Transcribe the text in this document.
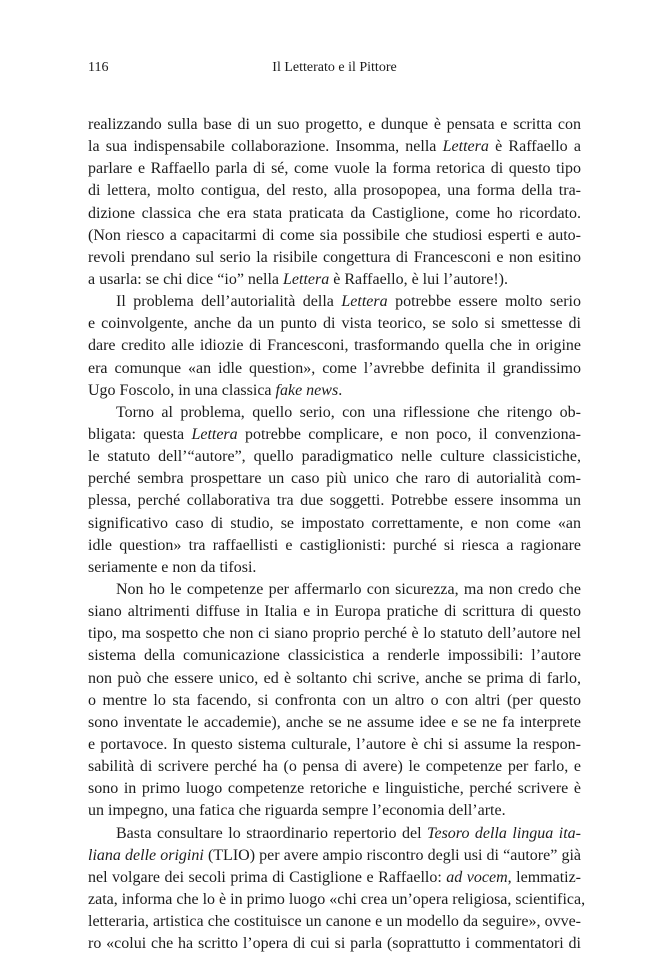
116	Il Letterato e il Pittore
realizzando sulla base di un suo progetto, e dunque è pensata e scritta con
la sua indispensabile collaborazione. Insomma, nella Lettera è Raffaello a
parlare e Raffaello parla di sé, come vuole la forma retorica di questo tipo
di lettera, molto contigua, del resto, alla prosopopea, una forma della tra-
dizione classica che era stata praticata da Castiglione, come ho ricordato.
(Non riesco a capacitarmi di come sia possibile che studiosi esperti e auto-
revoli prendano sul serio la risibile congettura di Francesconi e non esitino
a usarla: se chi dice “io” nella Lettera è Raffaello, è lui l’autore!).
Il problema dell’autorialità della Lettera potrebbe essere molto serio
e coinvolgente, anche da un punto di vista teorico, se solo si smettesse di
dare credito alle idiozie di Francesconi, trasformando quella che in origine
era comunque «an idle question», come l’avrebbe definita il grandissimo
Ugo Foscolo, in una classica fake news.
Torno al problema, quello serio, con una riflessione che ritengo ob-
bligata: questa Lettera potrebbe complicare, e non poco, il convenziona-
le statuto dell’“autore”, quello paradigmatico nelle culture classicistiche,
perché sembra prospettare un caso più unico che raro di autorialità com-
plessa, perché collaborativa tra due soggetti. Potrebbe essere insomma un
significativo caso di studio, se impostato correttamente, e non come «an
idle question» tra raffaellisti e castiglionisti: purché si riesca a ragionare
seriamente e non da tifosi.
Non ho le competenze per affermarlo con sicurezza, ma non credo che
siano altrimenti diffuse in Italia e in Europa pratiche di scrittura di questo
tipo, ma sospetto che non ci siano proprio perché è lo statuto dell’autore nel
sistema della comunicazione classicistica a renderle impossibili: l’autore
non può che essere unico, ed è soltanto chi scrive, anche se prima di farlo,
o mentre lo sta facendo, si confronta con un altro o con altri (per questo
sono inventate le accademie), anche se ne assume idee e se ne fa interprete
e portavoce. In questo sistema culturale, l’autore è chi si assume la respon-
sabilità di scrivere perché ha (o pensa di avere) le competenze per farlo, e
sono in primo luogo competenze retoriche e linguistiche, perché scrivere è
un impegno, una fatica che riguarda sempre l’economia dell’arte.
Basta consultare lo straordinario repertorio del Tesoro della lingua ita-
liana delle origini (TLIO) per avere ampio riscontro degli usi di “autore” già
nel volgare dei secoli prima di Castiglione e Raffaello: ad vocem, lemmatiz-
zata, informa che lo è in primo luogo «chi crea un’opera religiosa, scientifica,
letteraria, artistica che costituisce un canone e un modello da seguire», ovve-
ro «colui che ha scritto l’opera di cui si parla (soprattutto i commentatori di
